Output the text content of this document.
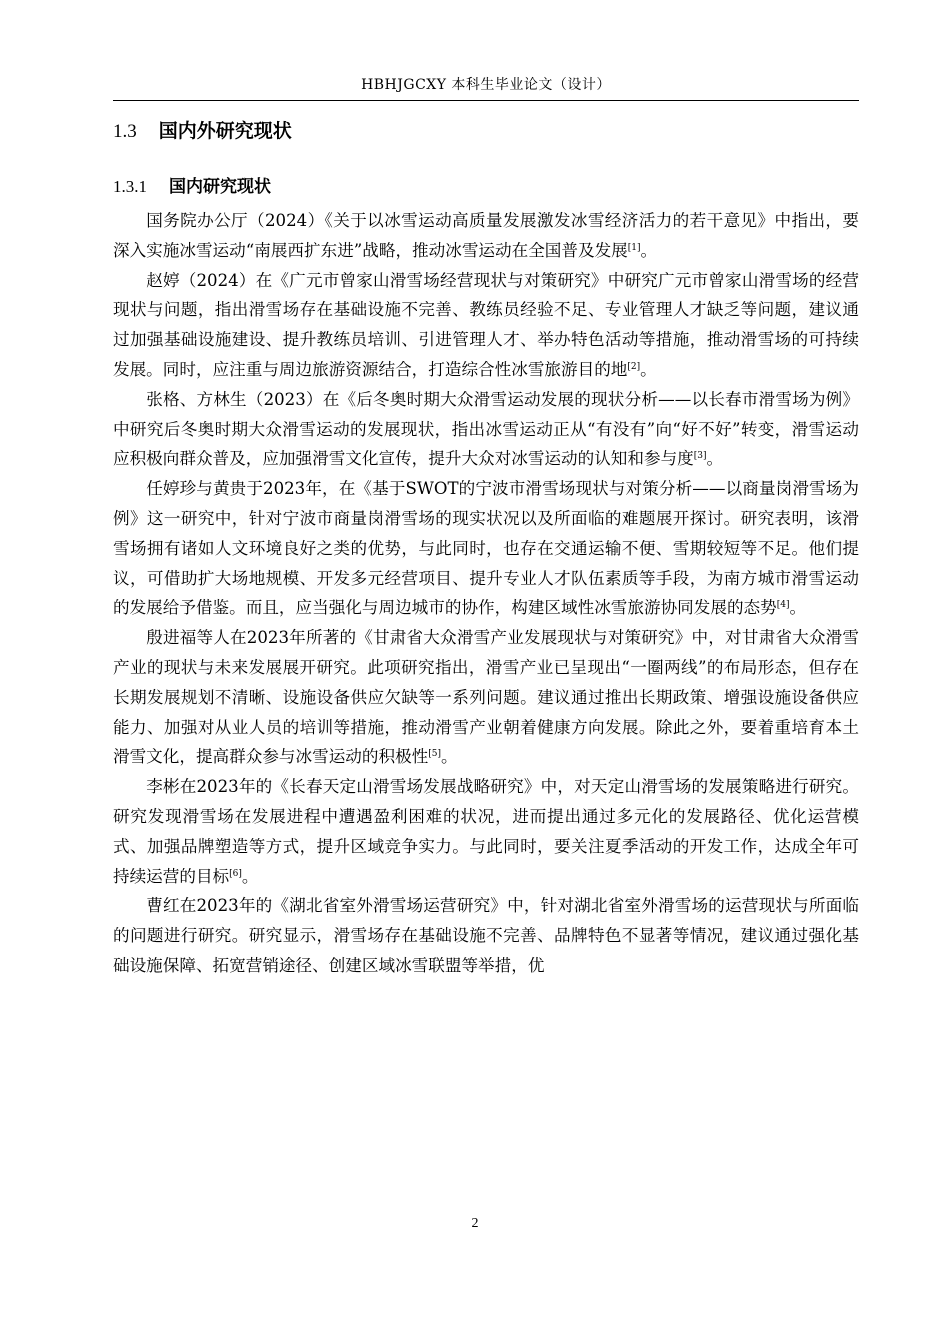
HBHJGCXY 本科生毕业论文（设计）
1.3 国内外研究现状
1.3.1 国内研究现状

国务院办公厅（2024）《关于以冰雪运动高质量发展激发冰雪经济活力的若干意见》中指出，要深入实施冰雪运动“南展西扩东进”战略，推动冰雪运动在全国普及发展[1]。

赵婷（2024）在《广元市曾家山滑雪场经营现状与对策研究》中研究广元市曾家山滑雪场的经营现状与问题，指出滑雪场存在基础设施不完善、教练员经验不足、专业管理人才缺乏等问题，建议通过加强基础设施建设、提升教练员培训、引进管理人才、举办特色活动等措施，推动滑雪场的可持续发展。同时，应注重与周边旅游资源结合，打造综合性冰雪旅游目的地[2]。

张格、方林生（2023）在《后冬奥时期大众滑雪运动发展的现状分析——以长春市滑雪场为例》中研究后冬奥时期大众滑雪运动的发展现状，指出冰雪运动正从“有没有”向“好不好”转变，滑雪运动应积极向群众普及，应加强滑雪文化宣传，提升大众对冰雪运动的认知和参与度[3]。

任婷珍与黄贵于2023年，在《基于SWOT的宁波市滑雪场现状与对策分析——以商量岗滑雪场为例》这一研究中，针对宁波市商量岗滑雪场的现实状况以及所面临的难题展开探讨。研究表明，该滑雪场拥有诸如人文环境良好之类的优势，与此同时，也存在交通运输不便、雪期较短等不足。他们提议，可借助扩大场地规模、开发多元经营项目、提升专业人才队伍素质等手段，为南方城市滑雪运动的发展给予借鉴。而且，应当强化与周边城市的协作，构建区域性冰雪旅游协同发展的态势[4]。

殷进福等人在2023年所著的《甘肃省大众滑雪产业发展现状与对策研究》中，对甘肃省大众滑雪产业的现状与未来发展展开研究。此项研究指出，滑雪产业已呈现出“一圈两线”的布局形态，但存在长期发展规划不清晰、设施设备供应欠缺等一系列问题。建议通过推出长期政策、增强设施设备供应能力、加强对从业人员的培训等措施，推动滑雪产业朝着健康方向发展。除此之外，要着重培育本土滑雪文化，提高群众参与冰雪运动的积极性[5]。

李彬在2023年的《长春天定山滑雪场发展战略研究》中，对天定山滑雪场的发展策略进行研究。研究发现滑雪场在发展进程中遭遇盈利困难的状况，进而提出通过多元化的发展路径、优化运营模式、加强品牌塑造等方式，提升区域竞争实力。与此同时，要关注夏季活动的开发工作，达成全年可持续运营的目标[6]。

曹红在2023年的《湖北省室外滑雪场运营研究》中，针对湖北省室外滑雪场的运营现状与所面临的问题进行研究。研究显示，滑雪场存在基础设施不完善、品牌特色不显著等情况，建议通过强化基础设施保障、拓宽营销途径、创建区域冰雪联盟等举措，优

2
